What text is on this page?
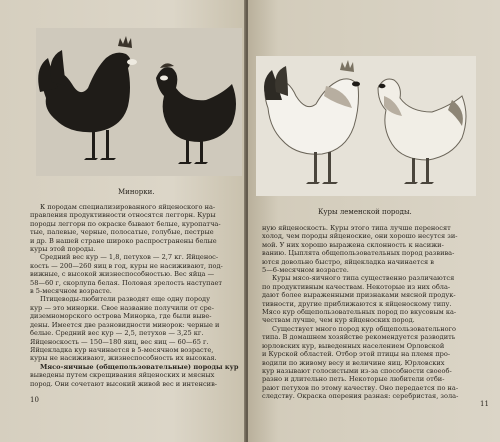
Минорки.

К породам специализированного яйценоского на-

правления продуктивности относятся леггорн. Куры

породы леггорн по окраске бывают белые, куропатча-

тые, палевые, черные, полосатые, голубые, пестрые

и др. В нашей стране широко распространены белые

куры этой породы.

Средний вес кур — 1,8, петухов — 2,7 кг. Яйценос-

кость — 200—260 яиц в год, куры не насиживают, под-

вижные, с высокой жизнеспособностью. Вес яйца —

58—60 г, скорлупа белая. Половая зрелость наступает

в 5-месячном возрасте.

Птицеводы-любители разводят еще одну породу

кур — это минорки. Свое название получили от сре-

диземноморского острова Минорка, где были выве-

дены. Имеется две разновидности минорок: черные и

белые. Средний вес кур — 2,5, петухов — 3,25 кг.

Яйценоскость — 150—180 яиц, вес яиц — 60—65 г.

Яйцекладка кур начинается в 5-месячном возрасте,

куры не насиживают, жизнеспособность их высокая.

Мясо-яичные (общепользовательные) породы кур

выведены путем скрещивания яйценоских и мясных

пород. Они сочетают высокий живой вес и интенсив-

10
Куры леменской породы.

ную яйценоскость. Куры этого типа лучше переносят

холод, чем породы яйценоские, они хорошо несутся зи-

мой. У них хорошо выражена склонность к насижи-

ванию. Цыплята общепользовательных пород развива-

ются довольно быстро, яйцекладка начинается в

5—6-месячном возрасте.

Куры мясо-яичного типа существенно различаются

по продуктивным качествам. Некоторые из них обла-

дают более выраженными признаками мясной продук-

тивности, другие приближаются к яйценоскому типу.

Мясо кур общепользовательных пород по вкусовым ка-

чествам лучше, чем кур яйценоских пород.

Существует много пород кур общепользовательного

типа. В домашнем хозяйстве рекомендуется разводить

юрловских кур, выведенных населением Орловской

и Курской областей. Отбор этой птицы на племя про-

водили по живому весу и величине яиц. Юрловских

кур называют голосистыми из-за способности своеоб-

разно и длительно петь. Некоторые любители отби-

рают петухов по этому качеству. Оно передается по на-

следству. Окраска оперения разная: серебристая, зола-

11
